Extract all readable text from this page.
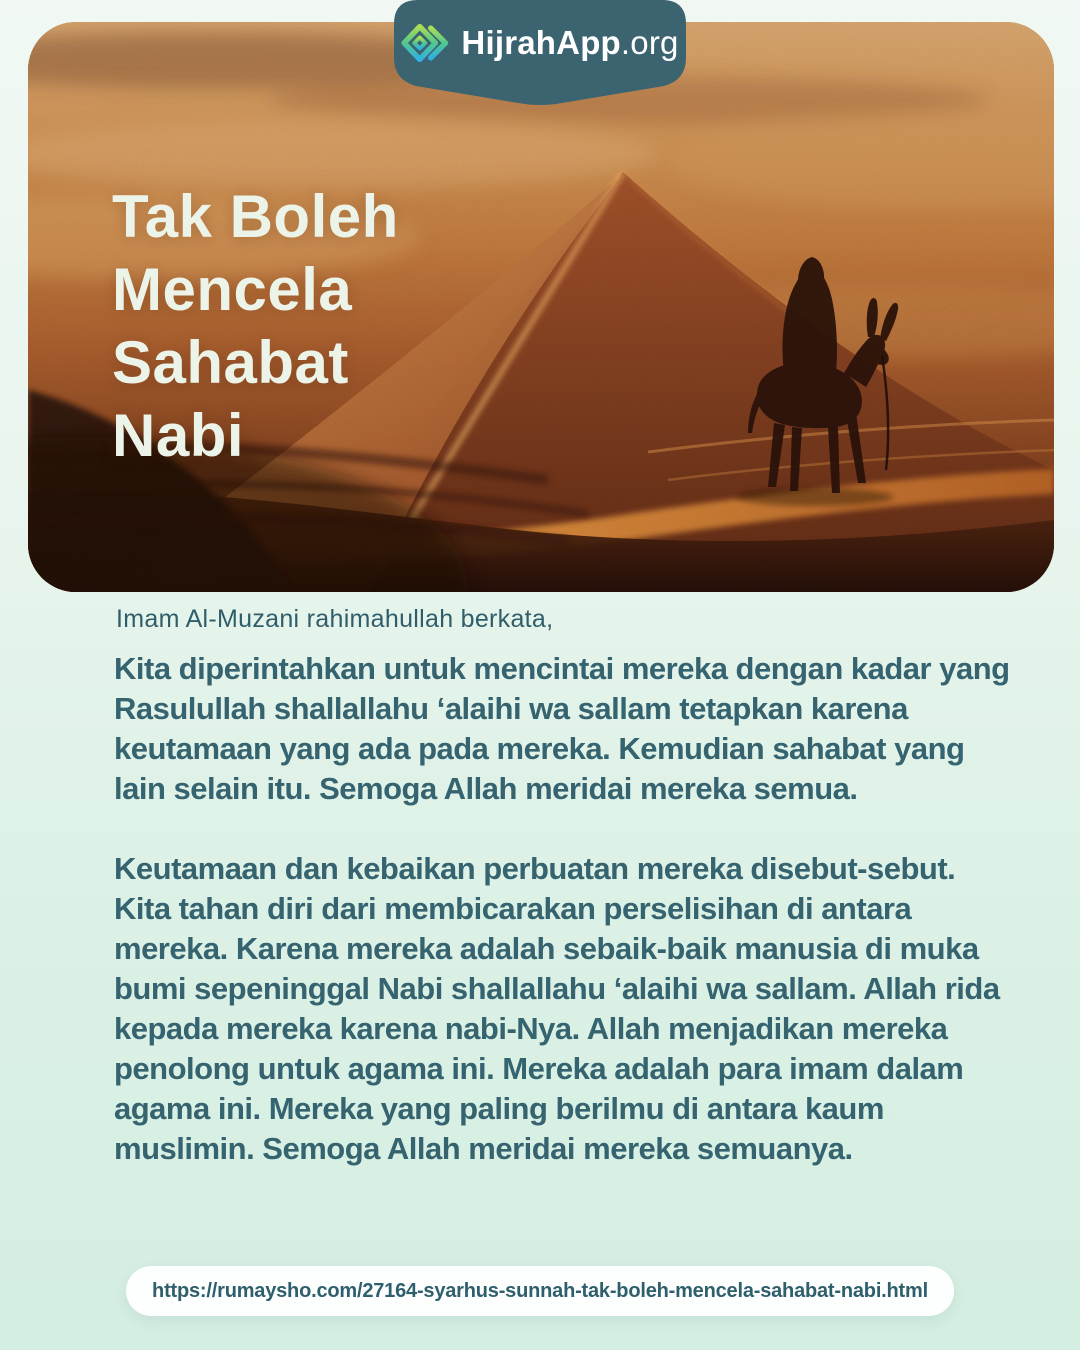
Tak Boleh
Mencela
Sahabat
Nabi
HijrahApp.org

Imam Al-Muzani rahimahullah berkata,

Kita diperintahkan untuk mencintai mereka dengan kadar yang Rasulullah shallallahu ‘alaihi wa sallam tetapkan karena keutamaan yang ada pada mereka. Kemudian sahabat yang lain selain itu. Semoga Allah meridai mereka semua.

Keutamaan dan kebaikan perbuatan mereka disebut-sebut. Kita tahan diri dari membicarakan perselisihan di antara mereka. Karena mereka adalah sebaik-baik manusia di muka bumi sepeninggal Nabi shallallahu ‘alaihi wa sallam. Allah rida kepada mereka karena nabi-Nya. Allah menjadikan mereka penolong untuk agama ini. Mereka adalah para imam dalam agama ini. Mereka yang paling berilmu di antara kaum muslimin. Semoga Allah meridai mereka semuanya.

https://rumaysho.com/27164-syarhus-sunnah-tak-boleh-mencela-sahabat-nabi.html
